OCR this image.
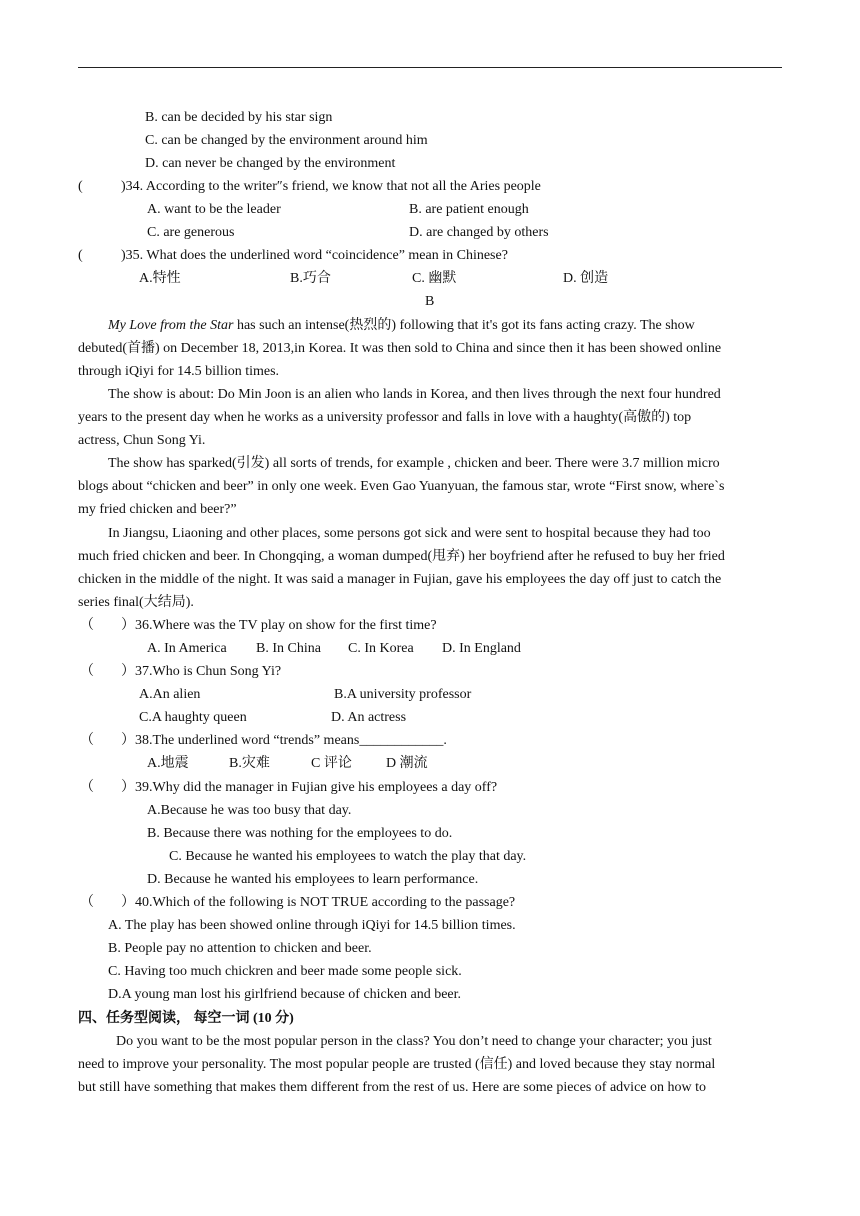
B. can be decided by his star sign
C. can be changed by the environment around him
D. can never be changed by the environment
(	)34. According to the writer″s friend, we know that not all the Aries people
A. want to be the leader	B. are patient enough
C. are generous	D. are changed by others
(	)35. What does the underlined word “coincidence” mean in Chinese?
A.特性	B.巧合	C. 幽默	D. 创造
B
My Love from the Star has such an intense(热烈的) following that it's got its fans acting crazy. The show
debuted(首播) on December 18, 2013,in Korea. It was then sold to China and since then it has been showed online
through iQiyi for 14.5 billion times.
The show is about: Do Min Joon is an alien who lands in Korea, and then lives through the next four hundred
years to the present day when he works as a university professor and falls in love with a haughty(高傲的) top
actress, Chun Song Yi.
The show has sparked(引发) all sorts of trends, for example , chicken and beer. There were 3.7 million micro
blogs about “chicken and beer” in only one week. Even Gao Yuanyuan, the famous star, wrote “First snow, where`s
my fried chicken and beer?”
In Jiangsu, Liaoning and other places, some persons got sick and were sent to hospital because they had too
much fried chicken and beer. In Chongqing, a woman dumped(甩弃) her boyfriend after he refused to buy her fried
chicken in the middle of the night. It was said a manager in Fujian, gave his employees the day off just to catch the
series final(大结局).
（ ）36.Where was the TV play on show for the first time?
A. In America B. In China C. In Korea D. In England
（ ）37.Who is Chun Song Yi?
A.An alien	B.A university professor
C.A haughty queen	D. An actress
（ ）38.The underlined word “trends” means____________.
A.地震	B.灾难	C 评论 D 潮流
（ ）39.Why did the manager in Fujian give his employees a day off?
A.Because he was too busy that day.
B. Because there was nothing for the employees to do.
C. Because he wanted his employees to watch the play that day.
D. Because he wanted his employees to learn performance.
（ ）40.Which of the following is NOT TRUE according to the passage?
A. The play has been showed online through iQiyi for 14.5 billion times.
B. People pay no attention to chicken and beer.
C. Having too much chickren and beer made some people sick.
D.A young man lost his girlfriend because of chicken and beer.
四、任务型阅读， 每空一词 (10 分)
Do you want to be the most popular person in the class? You don’t need to change your character; you just
need to improve your personality. The most popular people are trusted (信任) and loved because they stay normal
but still have something that makes them different from the rest of us. Here are some pieces of advice on how to
